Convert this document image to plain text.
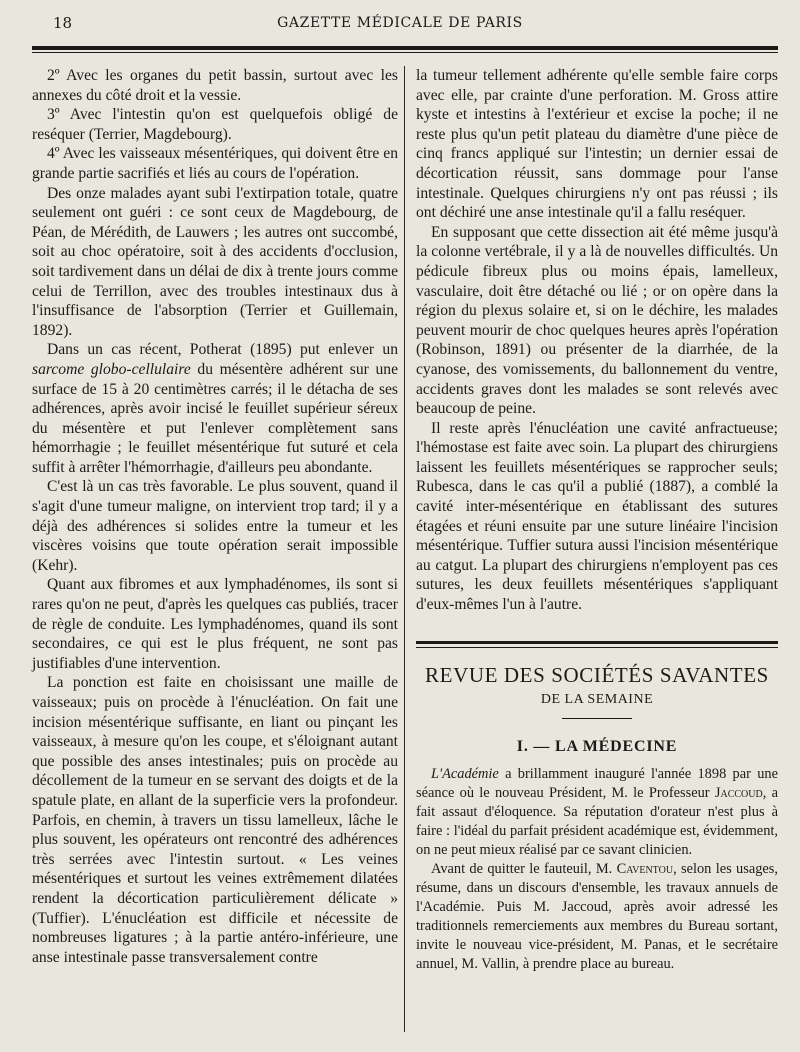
18	GAZETTE MÉDICALE DE PARIS

2º Avec les organes du petit bassin, surtout avec les annexes du côté droit et la vessie.

3º Avec l'intestin qu'on est quelquefois obligé de reséquer (Terrier, Magdebourg).

4º Avec les vaisseaux mésentériques, qui doivent être en grande partie sacrifiés et liés au cours de l'opération.

Des onze malades ayant subi l'extirpation totale, quatre seulement ont guéri : ce sont ceux de Magdebourg, de Péan, de Mérédith, de Lauwers ; les autres ont succombé, soit au choc opératoire, soit à des accidents d'occlusion, soit tardivement dans un délai de dix à trente jours comme celui de Terrillon, avec des troubles intestinaux dus à l'insuffisance de l'absorption (Terrier et Guillemain, 1892).

Dans un cas récent, Potherat (1895) put enlever un sarcome globo-cellulaire du mésentère adhérent sur une surface de 15 à 20 centimètres carrés; il le détacha de ses adhérences, après avoir incisé le feuillet supérieur séreux du mésentère et put l'enlever complètement sans hémorrhagie ; le feuillet mésentérique fut suturé et cela suffit à arrêter l'hémorrhagie, d'ailleurs peu abondante.

C'est là un cas très favorable. Le plus souvent, quand il s'agit d'une tumeur maligne, on intervient trop tard; il y a déjà des adhérences si solides entre la tumeur et les viscères voisins que toute opération serait impossible (Kehr).

Quant aux fibromes et aux lymphadénomes, ils sont si rares qu'on ne peut, d'après les quelques cas publiés, tracer de règle de conduite. Les lymphadénomes, quand ils sont secondaires, ce qui est le plus fréquent, ne sont pas justifiables d'une intervention.

La ponction est faite en choisissant une maille de vaisseaux; puis on procède à l'énucléation. On fait une incision mésentérique suffisante, en liant ou pinçant les vaisseaux, à mesure qu'on les coupe, et s'éloignant autant que possible des anses intestinales; puis on procède au décollement de la tumeur en se servant des doigts et de la spatule plate, en allant de la superficie vers la profondeur. Parfois, en chemin, à travers un tissu lamelleux, lâche le plus souvent, les opérateurs ont rencontré des adhérences très serrées avec l'intestin surtout. « Les veines mésentériques et surtout les veines extrêmement dilatées rendent la décortication particulièrement délicate » (Tuffier). L'énucléation est difficile et nécessite de nombreuses ligatures ; à la partie antéro-inférieure, une anse intestinale passe transversalement contre

la tumeur tellement adhérente qu'elle semble faire corps avec elle, par crainte d'une perforation. M. Gross attire kyste et intestins à l'extérieur et excise la poche; il ne reste plus qu'un petit plateau du diamètre d'une pièce de cinq francs appliqué sur l'intestin; un dernier essai de décortication réussit, sans dommage pour l'anse intestinale. Quelques chirurgiens n'y ont pas réussi ; ils ont déchiré une anse intestinale qu'il a fallu reséquer.

En supposant que cette dissection ait été même jusqu'à la colonne vertébrale, il y a là de nouvelles difficultés. Un pédicule fibreux plus ou moins épais, lamelleux, vasculaire, doit être détaché ou lié ; or on opère dans la région du plexus solaire et, si on le déchire, les malades peuvent mourir de choc quelques heures après l'opération (Robinson, 1891) ou présenter de la diarrhée, de la cyanose, des vomissements, du ballonnement du ventre, accidents graves dont les malades se sont relevés avec beaucoup de peine.

Il reste après l'énucléation une cavité anfractueuse; l'hémostase est faite avec soin. La plupart des chirurgiens laissent les feuillets mésentériques se rapprocher seuls; Rubesca, dans le cas qu'il a publié (1887), a comblé la cavité inter-mésentérique en établissant des sutures étagées et réuni ensuite par une suture linéaire l'incision mésentérique. Tuffier sutura aussi l'incision mésentérique au catgut. La plupart des chirurgiens n'employent pas ces sutures, les deux feuillets mésentériques s'appliquant d'eux-mêmes l'un à l'autre.

REVUE DES SOCIÉTÉS SAVANTES
DE LA SEMAINE
I. — LA MÉDECINE

L'Académie a brillamment inauguré l'année 1898 par une séance où le nouveau Président, M. le Professeur Jaccoud, a fait assaut d'éloquence. Sa réputation d'orateur n'est plus à faire : l'idéal du parfait président académique est, évidemment, on ne peut mieux réalisé par ce savant clinicien.

Avant de quitter le fauteuil, M. Caventou, selon les usages, résume, dans un discours d'ensemble, les travaux annuels de l'Académie. Puis M. Jaccoud, après avoir adressé les traditionnels remerciements aux membres du Bureau sortant, invite le nouveau vice-président, M. Panas, et le secrétaire annuel, M. Vallin, à prendre place au bureau.
